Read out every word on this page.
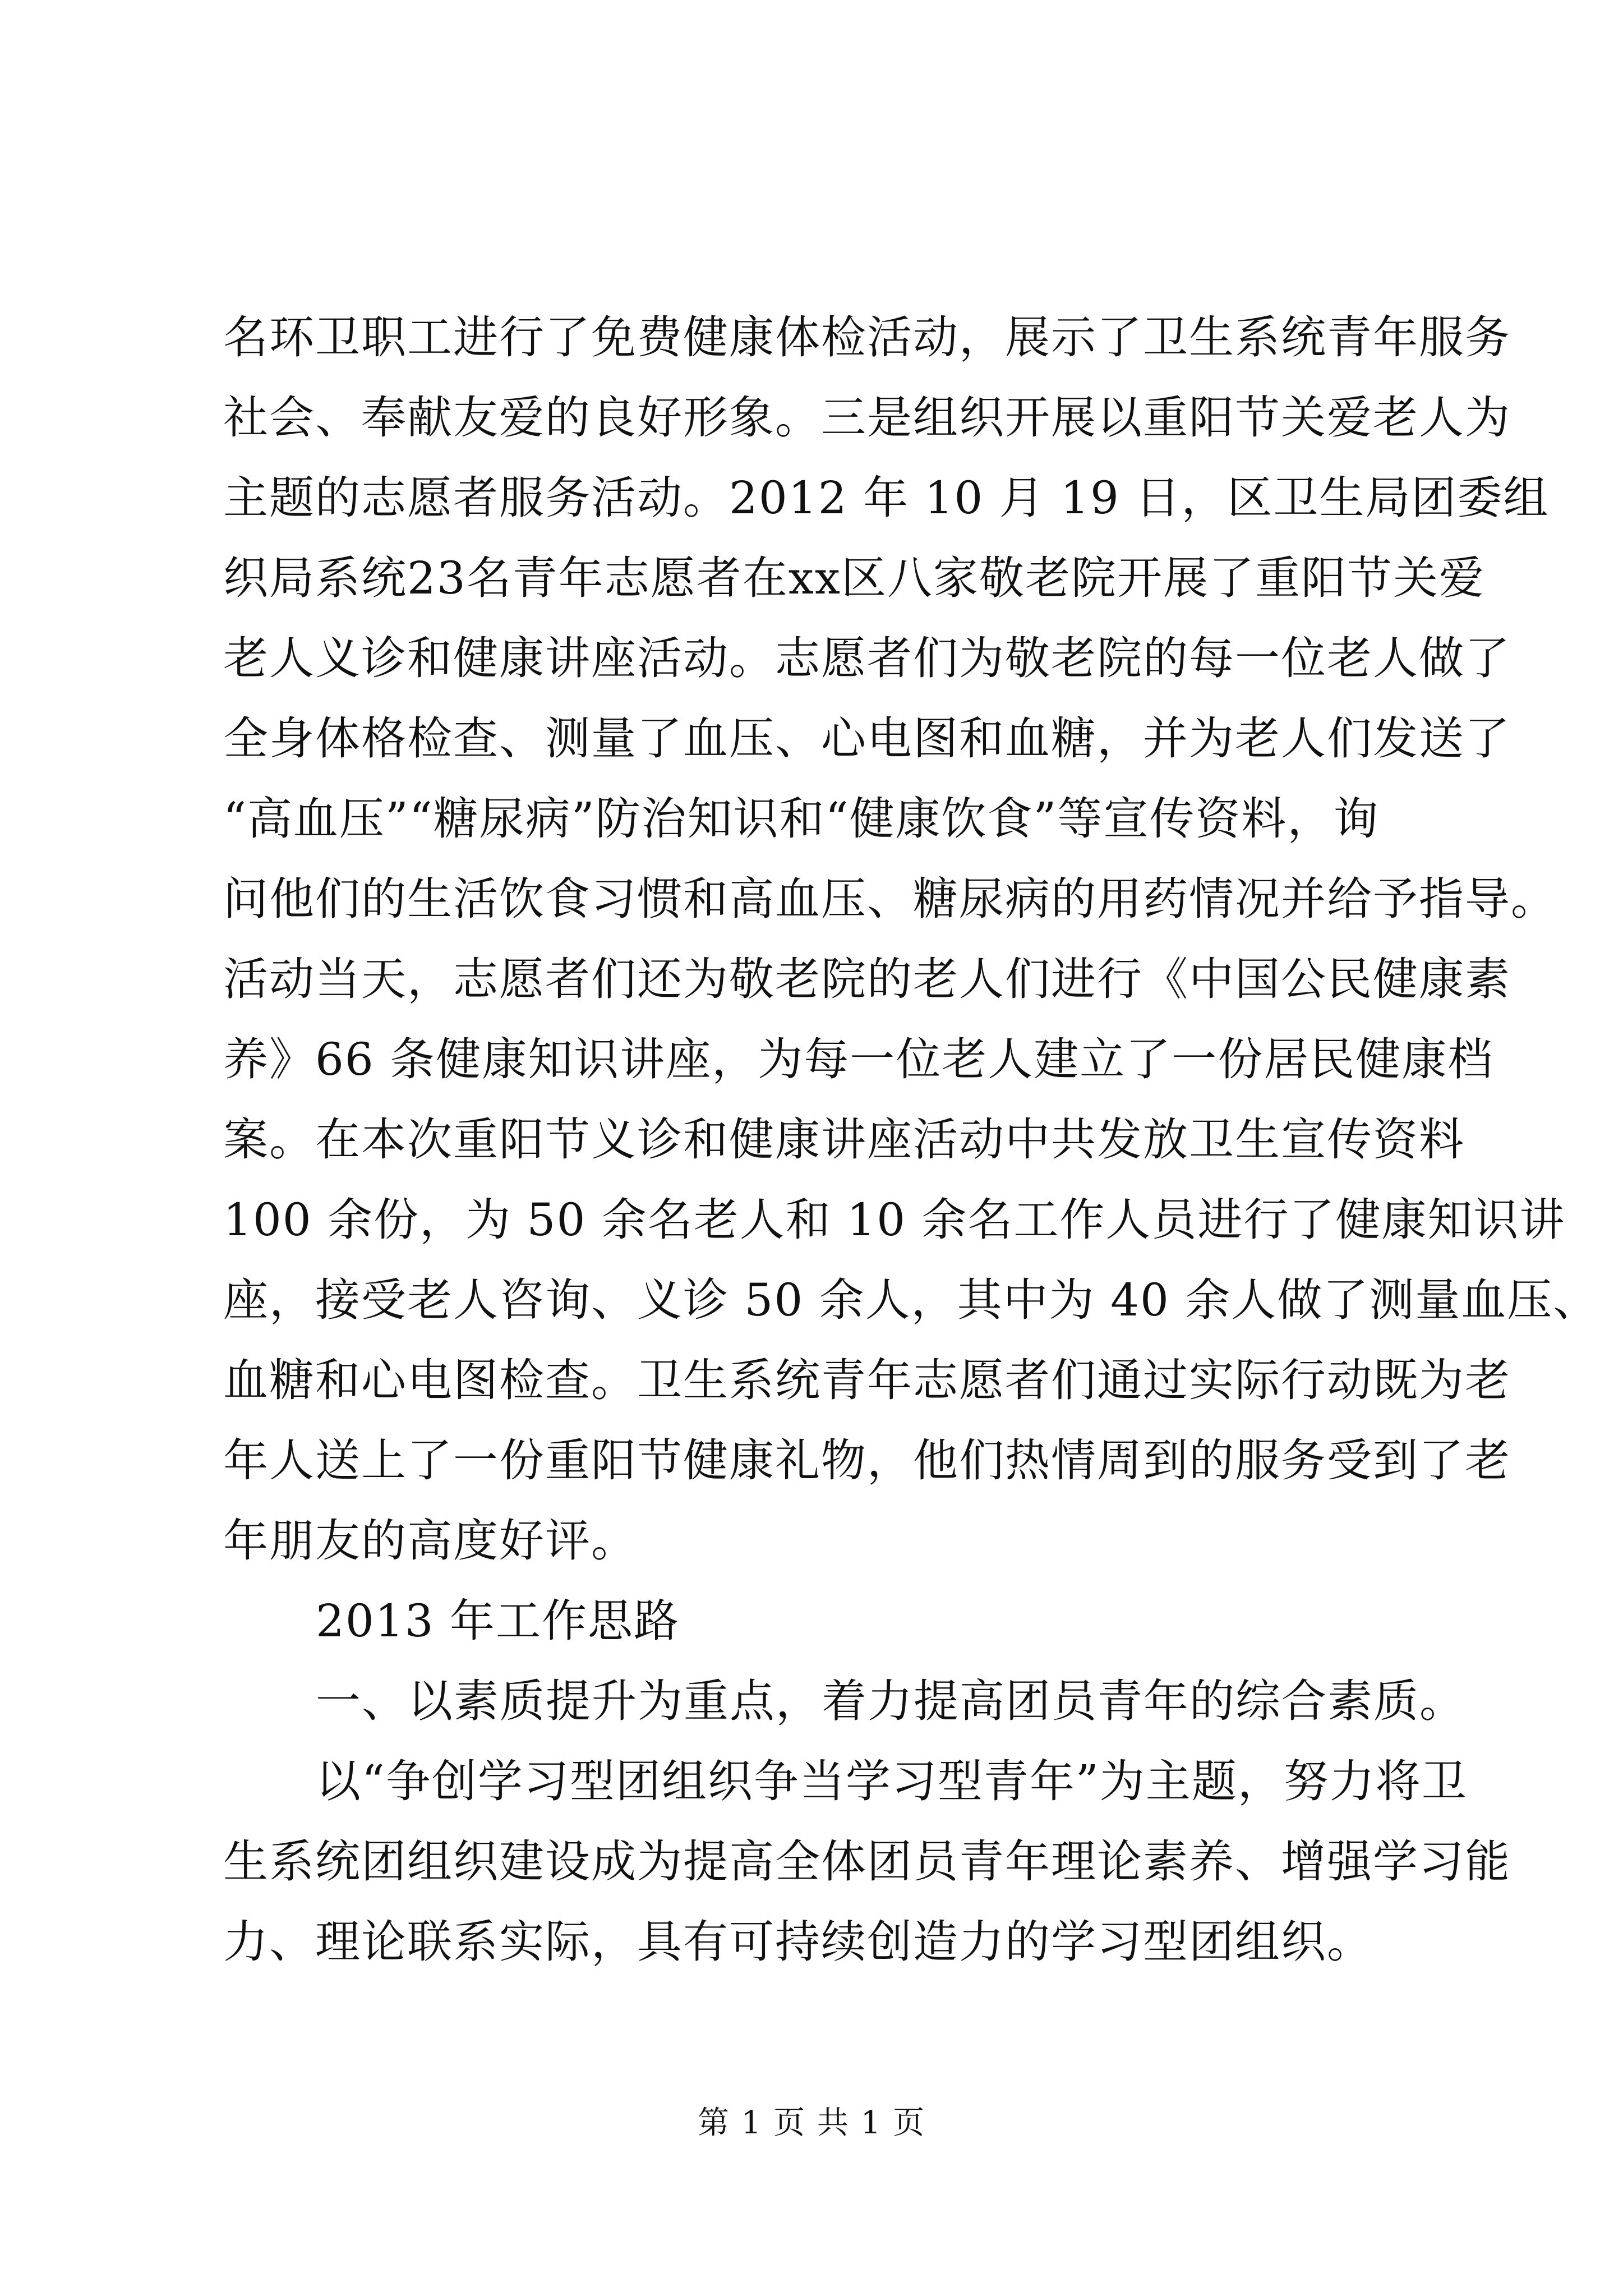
名环卫职工进行了免费健康体检活动，展示了卫生系统青年服务
社会、奉献友爱的良好形象。三是组织开展以重阳节关爱老人为
主题的志愿者服务活动。2012 年 10 月 19 日，区卫生局团委组
织局系统23名青年志愿者在xx区八家敬老院开展了重阳节关爱
老人义诊和健康讲座活动。志愿者们为敬老院的每一位老人做了
全身体格检查、测量了血压、心电图和血糖，并为老人们发送了
“高血压”“糖尿病”防治知识和“健康饮食”等宣传资料，询
问他们的生活饮食习惯和高血压、糖尿病的用药情况并给予指导。
活动当天，志愿者们还为敬老院的老人们进行《中国公民健康素
养》66 条健康知识讲座，为每一位老人建立了一份居民健康档
案。在本次重阳节义诊和健康讲座活动中共发放卫生宣传资料
100 余份，为 50 余名老人和 10 余名工作人员进行了健康知识讲
座，接受老人咨询、义诊 50 余人，其中为 40 余人做了测量血压、
血糖和心电图检查。卫生系统青年志愿者们通过实际行动既为老
年人送上了一份重阳节健康礼物，他们热情周到的服务受到了老
年朋友的高度好评。
2013 年工作思路
一、以素质提升为重点，着力提高团员青年的综合素质。
以“争创学习型团组织争当学习型青年”为主题，努力将卫
生系统团组织建设成为提高全体团员青年理论素养、增强学习能
力、理论联系实际，具有可持续创造力的学习型团组织。
第 1 页 共 1 页
